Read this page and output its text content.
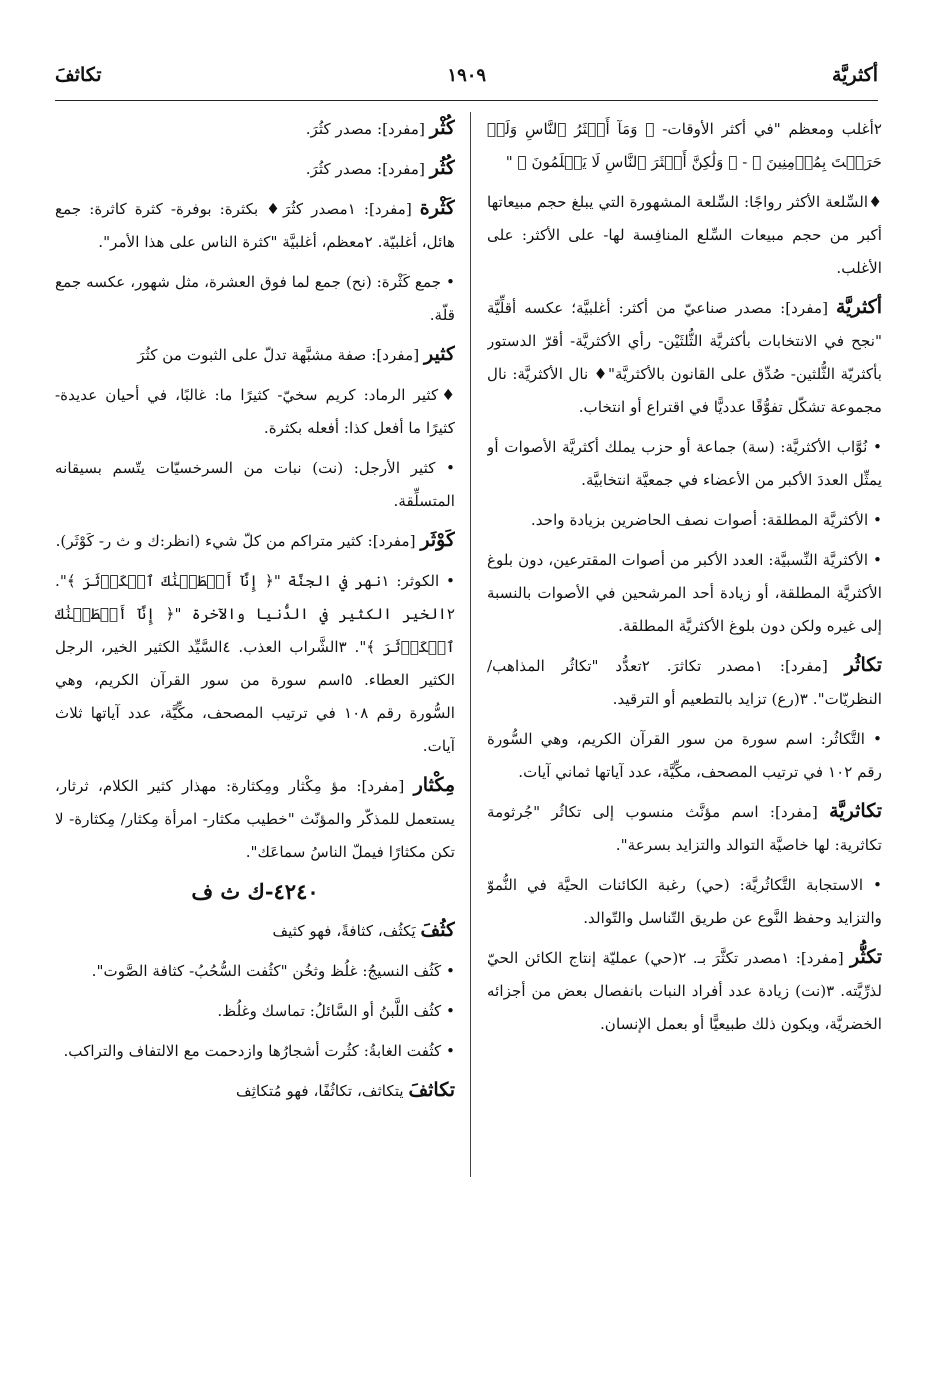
أكثريَّة
١٩٠٩
تكاثفَ
٢أغلب ومعظم "في أكثر الأوقات- ﴿ وَمَآ أَكۡثَرُ ٱلنَّاسِ وَلَوۡ حَرَصۡتَ بِمُؤۡمِنِينَ ﴾ - ﴿ وَلَٰكِنَّ أَكۡثَرَ ٱلنَّاسِ لَا يَعۡلَمُونَ ﴾ "
♦السِّلعة الأكثر رواجًا: السِّلعة المشهورة التي يبلغ حجم مبيعاتها أكبر من حجم مبيعات السِّلع المنافِسة لها- على الأكثر: على الأغلب.
أكثريَّة [مفرد]: مصدر صناعيّ من أكثر: أغلبيَّة؛ عكسه أقلِّيَّة "نجح في الانتخابات بأكثريَّة الثُّلثَيْن- رأي الأكثريَّة- أقرّ الدستور بأكثريّة الثُّلثين- صُدِّق على القانون بالأكثريَّة"♦ نال الأكثريَّة: نال مجموعة تشكّل تفوُّقًا عدديًّا في اقتراع أو انتخاب.
• نُوَّاب الأكثريَّة: (سة) جماعة أو حزب يملك أكثريَّة الأصوات أو يمثِّل العددَ الأكبر من الأعضاء في جمعيَّة انتخابيَّة.
• الأكثريَّة المطلقة: أصوات نصف الحاضرين بزيادة واحد.
• الأكثريَّة النِّسبيَّة: العدد الأكبر من أصوات المقترعين، دون بلوغ الأكثريَّة المطلقة، أو زيادة أحد المرشحين في الأصوات بالنسبة إلى غيره ولكن دون بلوغ الأكثريَّة المطلقة.
تكاثُر [مفرد]: ١مصدر تكاثرَ. ٢تعدُّد "تكاثُر المذاهب/ النظريّات". ٣(رع) تزايد بالتطعيم أو الترقيد.
• التَّكاثُر: اسم سورة من سور القرآن الكريم، وهي السُّورة رقم ١٠٢ في ترتيب المصحف، مكِّيَّة، عدد آياتها ثماني آيات.
تكاثريَّة [مفرد]: اسم مؤنَّث منسوب إلى تكاثُر "جُرثومة تكاثرية: لها خاصيَّة التوالد والتزايد بسرعة".
• الاستجابة التَّكاثُريَّة: (حي) رغبة الكائنات الحيَّة في النُّموّ والتزايد وحفظ النَّوع عن طريق التّناسل والتّوالد.
تكثُّر [مفرد]: ١مصدر تكثَّرَ بـ. ٢(حي) عمليّة إنتاج الكائن الحيّ لذرِّيَّته. ٣(نت) زيادة عدد أفراد النبات بانفصال بعض من أجزائه الخضريَّة، ويكون ذلك طبيعيًّا أو بعمل الإنسان.
كُثْر [مفرد]: مصدر كثُرَ.
كُثُر [مفرد]: مصدر كثُرَ.
كَثْرة [مفرد]: ١مصدر كثُرَ♦ بكثرة: بوفرة- كثرة كاثرة: جمع هائل، أغلبيّة. ٢معظم، أغلبيَّة "كثرة الناس على هذا الأمر".
• جمع كَثْرة: (نح) جمع لما فوق العشرة، مثل شهور، عكسه جمع قلّة.
كثير [مفرد]: صفة مشبَّهة تدلّ على الثبوت من كثُرَ
♦كثير الرماد: كريم سخيّ- كثيرًا ما: غالبًا، في أحيان عديدة- كثيرًا ما أفعل كذا: أفعله بكثرة.
• كثير الأرجل: (نت) نبات من السرخسيّات يتّسم بسيقانه المتسلِّقة.
كَوْثَر [مفرد]: كثير متراكم من كلّ شيء (انظر:ك و ث ر- كَوْثَر).
• الكوثر: ١نهر في الجنَّة "﴿ إِنَّآ أَعۡطَيۡنَٰكَ ٱلۡكَوۡثَرَ ﴾". ٢الخير الكثير في الدُّنيا والآخرة "﴿ إِنَّآ أَعۡطَيۡنَٰكَ ٱلۡكَوۡثَرَ ﴾". ٣الشَّراب العذب. ٤السَّيِّد الكثير الخير، الرجل الكثير العطاء. ٥اسم سورة من سور القرآن الكريم، وهي السُّورة رقم ١٠٨ في ترتيب المصحف، مكِّيَّة، عدد آياتها ثلاث آيات.
مِكْثار [مفرد]: مؤ مِكْثار ومِكثارة: مهذار كثير الكلام، ثرثار، يستعمل للمذكّر والمؤنّث "خطيب مكثار- امرأة مِكثار/ مِكثارة- لا تكن مكثارًا فيملّ الناسُ سماعَك".
٤٢٤٠-ك ث ف
كثُفَ يَكثُف، كثافةً، فهو كثيف
• كَثُف النسيجُ: غلُظ وثخُن "كثُفت السُّحُبُ- كثافة الصَّوت".
• كثُف اللَّبنُ أو السَّائلُ: تماسك وغلُظ.
• كثُفت الغابةُ: كثُرت أشجارُها وازدحمت مع الالتفاف والتراكب.
تكاثفَ يتكاثف، تكاثُفًا، فهو مُتكاثِف
